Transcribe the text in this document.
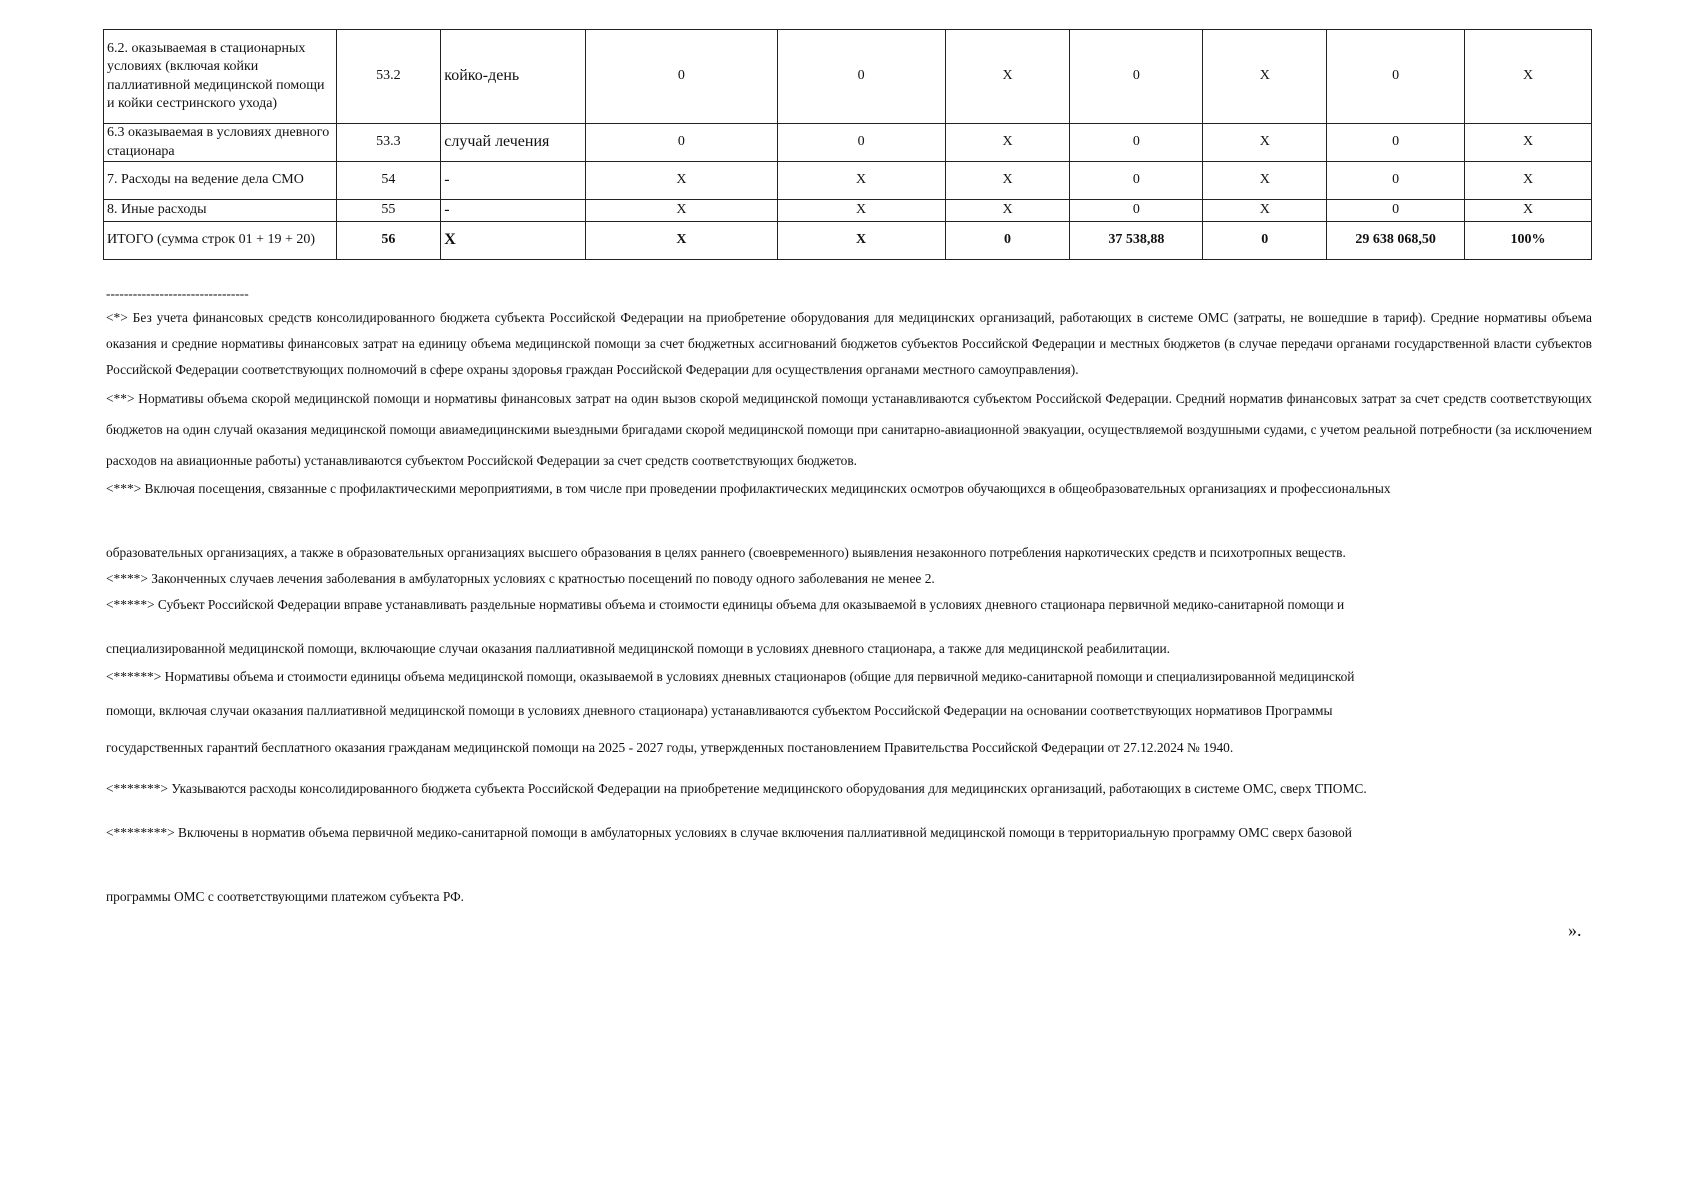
6.2. оказываемая в стационарных условиях (включая койки паллиативной медицинской помощи и койки сестринского ухода)	53.2	койко-день	0	0	X	0	X	0	X
6.3 оказываемая в условиях дневного стационара	53.3	случай лечения	0	0	X	0	X	0	X
7. Расходы на ведение дела СМО	54	-	X	X	X	0	X	0	X
8. Иные расходы	55	-	X	X	X	0	X	0	X
ИТОГО (сумма строк 01 + 19 + 20)	56	X	X	X	0	37 538,88	0	29 638 068,50	100%

--------------------------------

<*> Без учета финансовых средств консолидированного бюджета субъекта Российской Федерации на приобретение оборудования для медицинских организаций, работающих в системе ОМС (затраты, не вошедшие в тариф). Средние нормативы объема оказания и средние нормативы финансовых затрат на единицу объема медицинской помощи за счет бюджетных ассигнований бюджетов субъектов Российской Федерации и местных бюджетов (в случае передачи органами государственной власти субъектов Российской Федерации соответствующих полномочий в сфере охраны здоровья граждан Российской Федерации для осуществления органами местного самоуправления).

<**> Нормативы объема скорой медицинской помощи и нормативы финансовых затрат на один вызов скорой медицинской помощи устанавливаются субъектом Российской Федерации. Средний норматив финансовых затрат за счет средств соответствующих бюджетов на один случай оказания медицинской помощи авиамедицинскими выездными бригадами скорой медицинской помощи при санитарно-авиационной эвакуации, осуществляемой воздушными судами, с учетом реальной потребности (за исключением расходов на авиационные работы) устанавливаются субъектом Российской Федерации за счет средств соответствующих бюджетов.

<***> Включая посещения, связанные с профилактическими мероприятиями, в том числе при проведении профилактических медицинских осмотров обучающихся в общеобразовательных организациях и профессиональных

образовательных организациях, а также в образовательных организациях высшего образования в целях раннего (своевременного) выявления незаконного потребления наркотических средств и психотропных веществ.

<****> Законченных случаев лечения заболевания в амбулаторных условиях с кратностью посещений по поводу одного заболевания не менее 2.

<*****> Субъект Российской Федерации вправе устанавливать раздельные нормативы объема и стоимости единицы объема для оказываемой в условиях дневного стационара первичной медико-санитарной помощи и

специализированной медицинской помощи, включающие случаи оказания паллиативной медицинской помощи в условиях дневного стационара, а также для медицинской реабилитации.

<******> Нормативы объема и стоимости единицы объема медицинской помощи, оказываемой в условиях дневных стационаров (общие для первичной медико-санитарной помощи и специализированной медицинской

помощи, включая случаи оказания паллиативной медицинской помощи в условиях дневного стационара) устанавливаются субъектом Российской Федерации на основании соответствующих нормативов Программы

государственных гарантий бесплатного оказания гражданам медицинской помощи на 2025 - 2027 годы, утвержденных постановлением Правительства Российской Федерации от 27.12.2024 № 1940.

<*******> Указываются расходы консолидированного бюджета субъекта Российской Федерации на приобретение медицинского оборудования для медицинских организаций, работающих в системе ОМС, сверх ТПОМС.

<********> Включены в норматив объема первичной медико-санитарной помощи в амбулаторных условиях в случае включения паллиативной медицинской помощи в территориальную программу ОМС сверх базовой

программы ОМС с соответствующими платежом субъекта РФ.

».
